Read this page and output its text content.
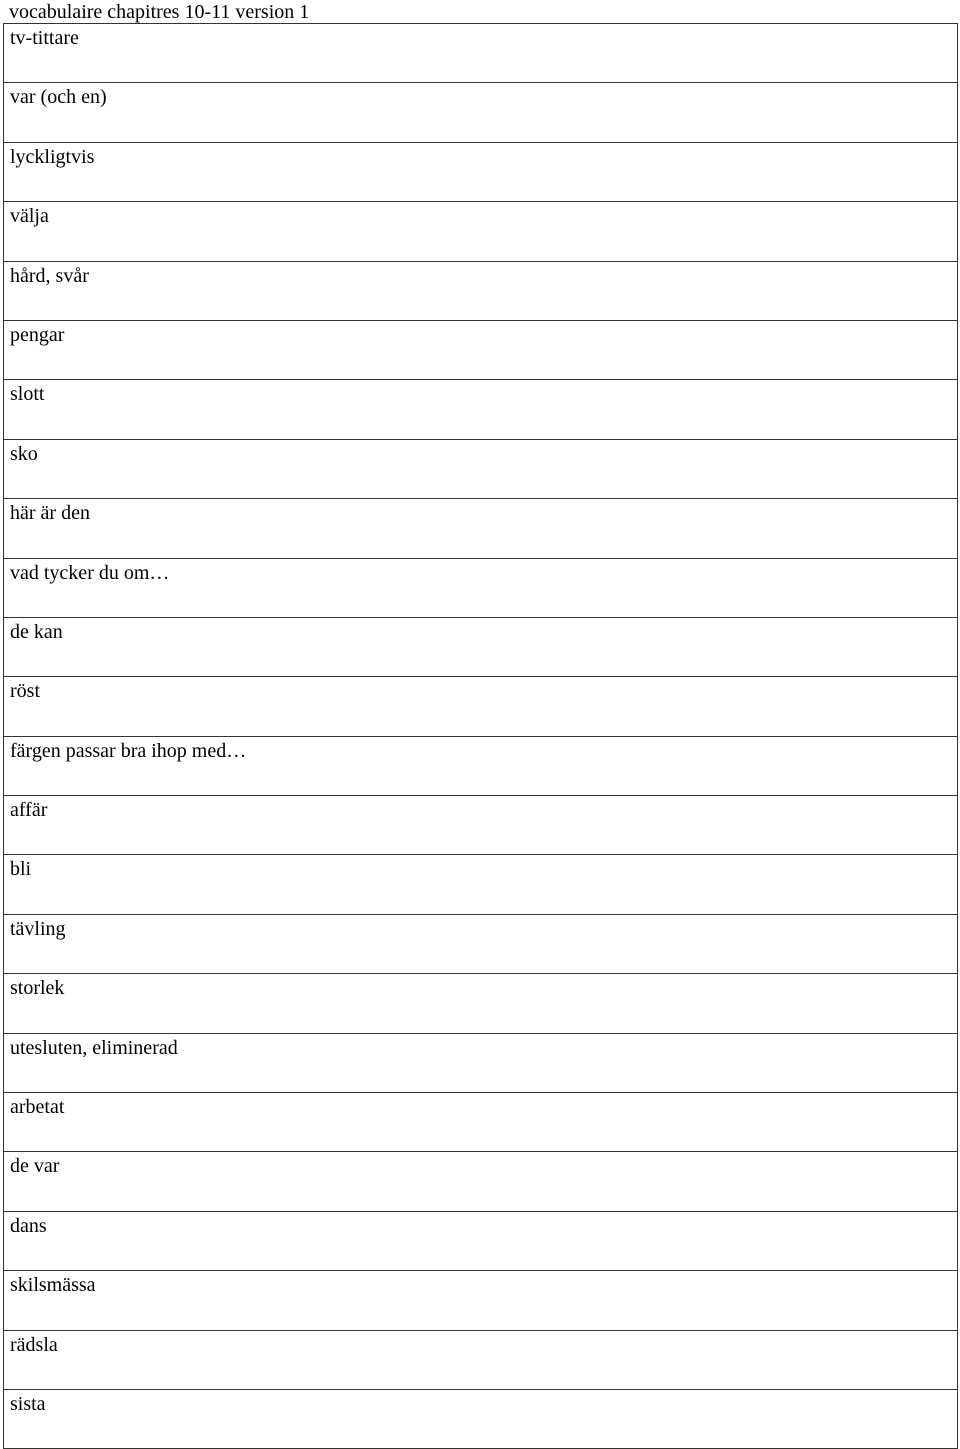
vocabulaire chapitres 10-11 version 1
tv-tittare

var (och en)

lyckligtvis

välja

hård, svår

pengar

slott

sko

här är den

vad tycker du om…

de kan

röst

färgen passar bra ihop med…

affär

bli

tävling

storlek

utesluten, eliminerad

arbetat

de var

dans

skilsmässa

rädsla

sista
